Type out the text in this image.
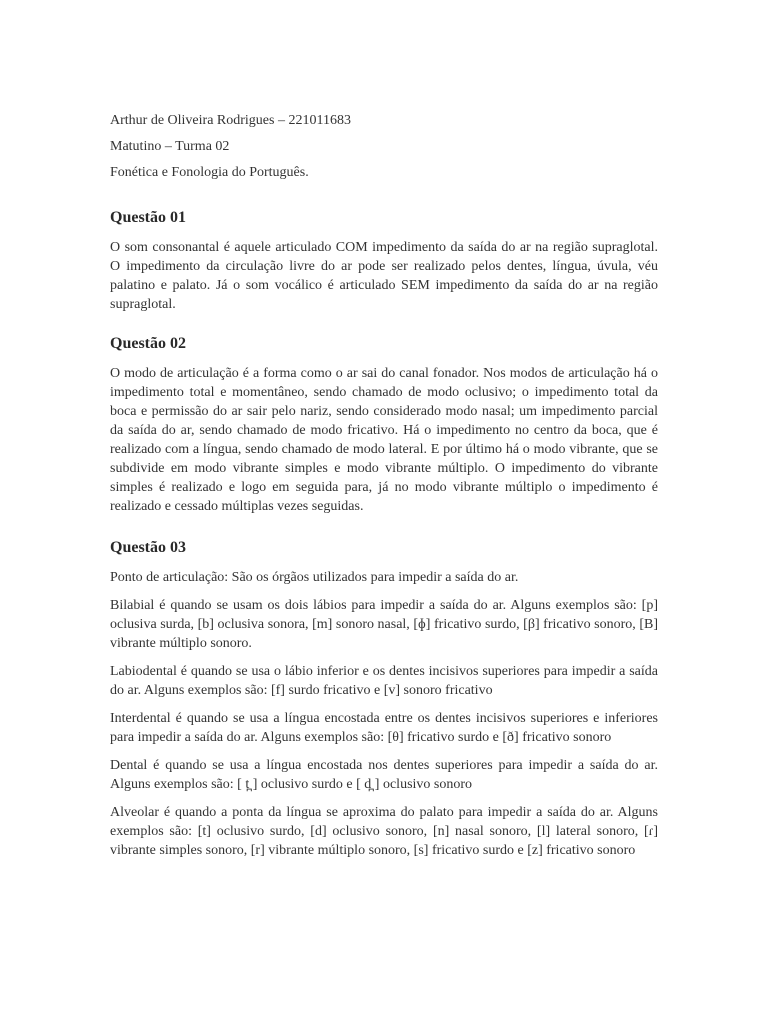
Arthur de Oliveira Rodrigues – 221011683

Matutino – Turma 02

Fonética e Fonologia do Português.

Questão 01

O som consonantal é aquele articulado COM impedimento da saída do ar na região supraglotal. O impedimento da circulação livre do ar pode ser realizado pelos dentes, língua, úvula, véu palatino e palato. Já o som vocálico é articulado SEM impedimento da saída do ar na região supraglotal.

Questão 02

O modo de articulação é a forma como o ar sai do canal fonador. Nos modos de articulação há o impedimento total e momentâneo, sendo chamado de modo oclusivo; o impedimento total da boca e permissão do ar sair pelo nariz, sendo considerado modo nasal; um impedimento parcial da saída do ar, sendo chamado de modo fricativo. Há o impedimento no centro da boca, que é realizado com a língua, sendo chamado de modo lateral. E por último há o modo vibrante, que se subdivide em modo vibrante simples e modo vibrante múltiplo. O impedimento do vibrante simples é realizado e logo em seguida para, já no modo vibrante múltiplo o impedimento é realizado e cessado múltiplas vezes seguidas.

Questão 03

Ponto de articulação: São os órgãos utilizados para impedir a saída do ar.

Bilabial é quando se usam os dois lábios para impedir a saída do ar. Alguns exemplos são: [p] oclusiva surda, [b] oclusiva sonora, [m] sonoro nasal, [ɸ] fricativo surdo, [β] fricativo sonoro, [B] vibrante múltiplo sonoro.

Labiodental é quando se usa o lábio inferior e os dentes incisivos superiores para impedir a saída do ar. Alguns exemplos são: [f] surdo fricativo e [v] sonoro fricativo

Interdental é quando se usa a língua encostada entre os dentes incisivos superiores e inferiores para impedir a saída do ar. Alguns exemplos são: [θ] fricativo surdo e [ð] fricativo sonoro

Dental é quando se usa a língua encostada nos dentes superiores para impedir a saída do ar. Alguns exemplos são: [ t̪ ] oclusivo surdo e [ d̪ ] oclusivo sonoro

Alveolar é quando a ponta da língua se aproxima do palato para impedir a saída do ar. Alguns exemplos são: [t] oclusivo surdo, [d] oclusivo sonoro, [n] nasal sonoro, [l] lateral sonoro, [ɾ] vibrante simples sonoro, [r] vibrante múltiplo sonoro, [s] fricativo surdo e [z] fricativo sonoro
